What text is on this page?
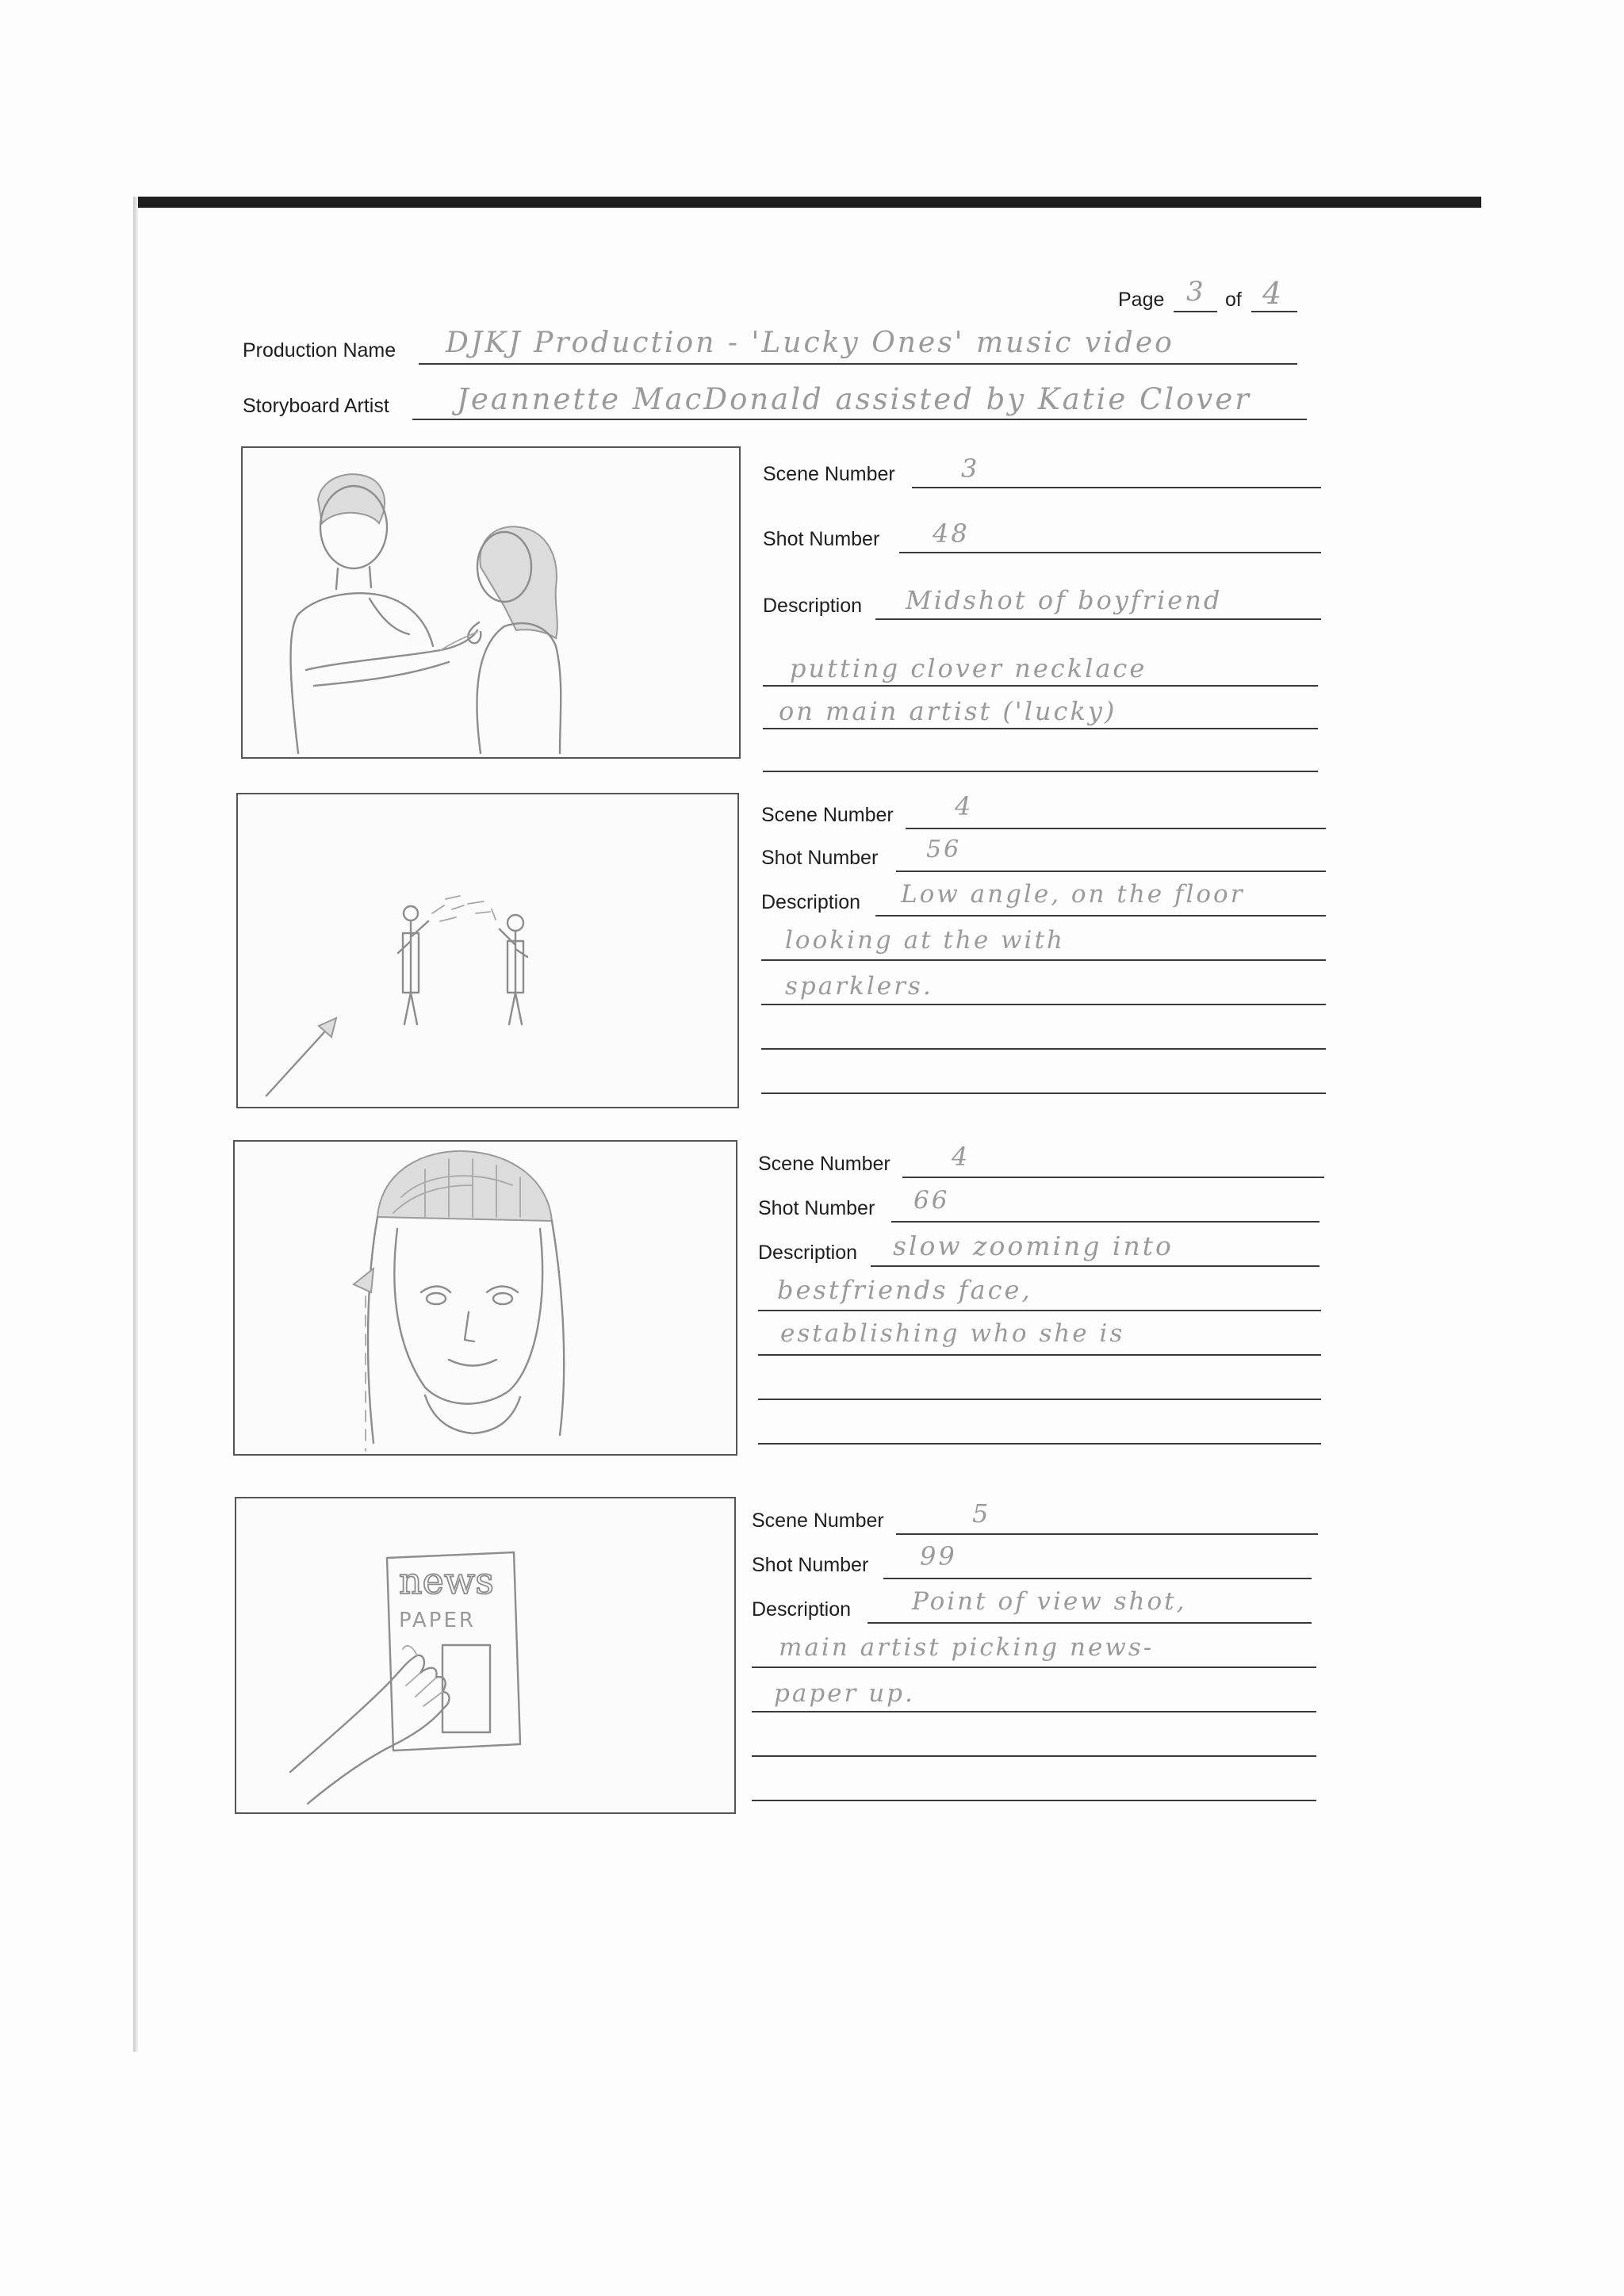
Page 3 of 4
Production Name DJKJ Production - 'Lucky Ones' music video
Storyboard Artist Jeannette MacDonald assisted by Katie Clover
Scene Number	3
Shot Number 48
Description Midshot of boyfriend
putting clover necklace
on main artist ('lucky)
Scene Number 4
Shot Number 56
Description Low angle, on the floor
looking at the with
sparklers.
Scene Number 4
Shot Number 66
Description slow zooming into
bestfriends face,
establishing who she is
news
PAPER
Scene Number	5
Shot Number 99
Description Point of view shot,
main artist picking news-
paper up.
